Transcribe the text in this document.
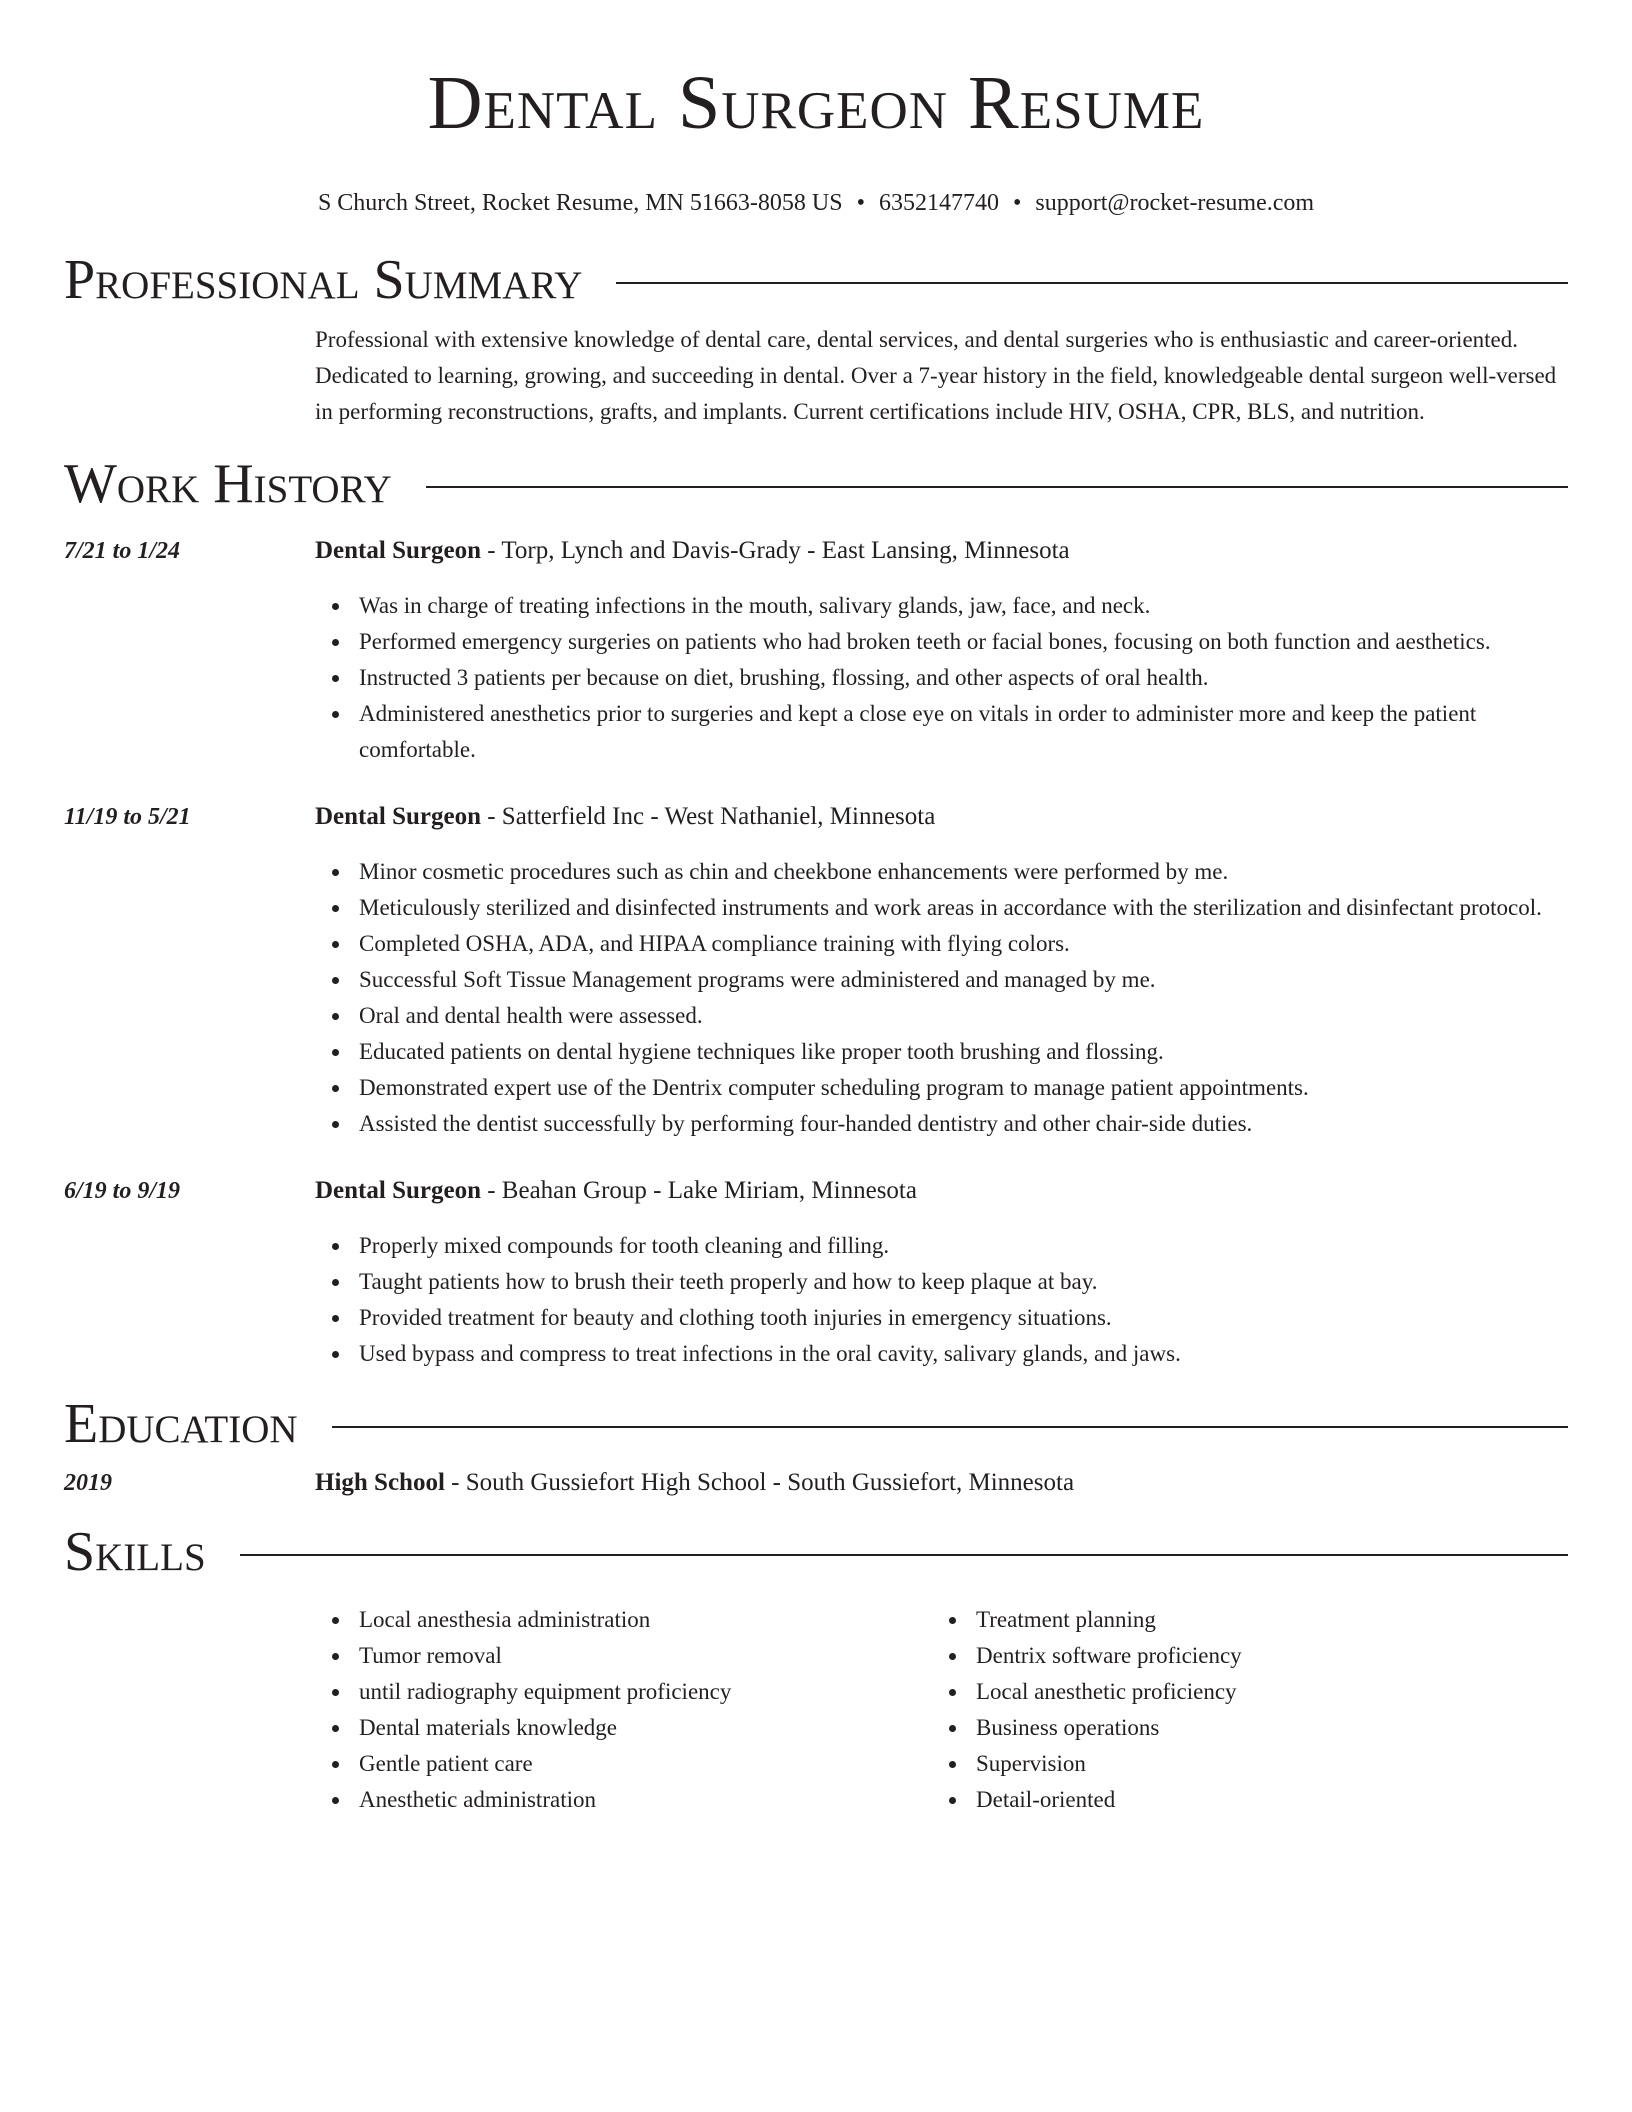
Dental Surgeon Resume
S Church Street, Rocket Resume, MN 51663-8058 US • 6352147740 • support@rocket-resume.com
Professional Summary

Professional with extensive knowledge of dental care, dental services, and dental surgeries who is enthusiastic and career-oriented. Dedicated to learning, growing, and succeeding in dental. Over a 7-year history in the field, knowledgeable dental surgeon well-versed in performing reconstructions, grafts, and implants. Current certifications include HIV, OSHA, CPR, BLS, and nutrition.

Work History
7/21 to 1/24	Dental Surgeon - Torp, Lynch and Davis-Grady - East Lansing, Minnesota
Was in charge of treating infections in the mouth, salivary glands, jaw, face, and neck.
Performed emergency surgeries on patients who had broken teeth or facial bones, focusing on both function and aesthetics.
Instructed 3 patients per because on diet, brushing, flossing, and other aspects of oral health.
Administered anesthetics prior to surgeries and kept a close eye on vitals in order to administer more and keep the patient comfortable.
11/19 to 5/21	Dental Surgeon - Satterfield Inc - West Nathaniel, Minnesota
Minor cosmetic procedures such as chin and cheekbone enhancements were performed by me.
Meticulously sterilized and disinfected instruments and work areas in accordance with the sterilization and disinfectant protocol.
Completed OSHA, ADA, and HIPAA compliance training with flying colors.
Successful Soft Tissue Management programs were administered and managed by me.
Oral and dental health were assessed.
Educated patients on dental hygiene techniques like proper tooth brushing and flossing.
Demonstrated expert use of the Dentrix computer scheduling program to manage patient appointments.
Assisted the dentist successfully by performing four-handed dentistry and other chair-side duties.
6/19 to 9/19	Dental Surgeon - Beahan Group - Lake Miriam, Minnesota
Properly mixed compounds for tooth cleaning and filling.
Taught patients how to brush their teeth properly and how to keep plaque at bay.
Provided treatment for beauty and clothing tooth injuries in emergency situations.
Used bypass and compress to treat infections in the oral cavity, salivary glands, and jaws.
Education
2019	High School - South Gussiefort High School - South Gussiefort, Minnesota
Skills
Local anesthesia administration
Tumor removal
until radiography equipment proficiency
Dental materials knowledge
Gentle patient care
Anesthetic administration
Treatment planning
Dentrix software proficiency
Local anesthetic proficiency
Business operations
Supervision
Detail-oriented
